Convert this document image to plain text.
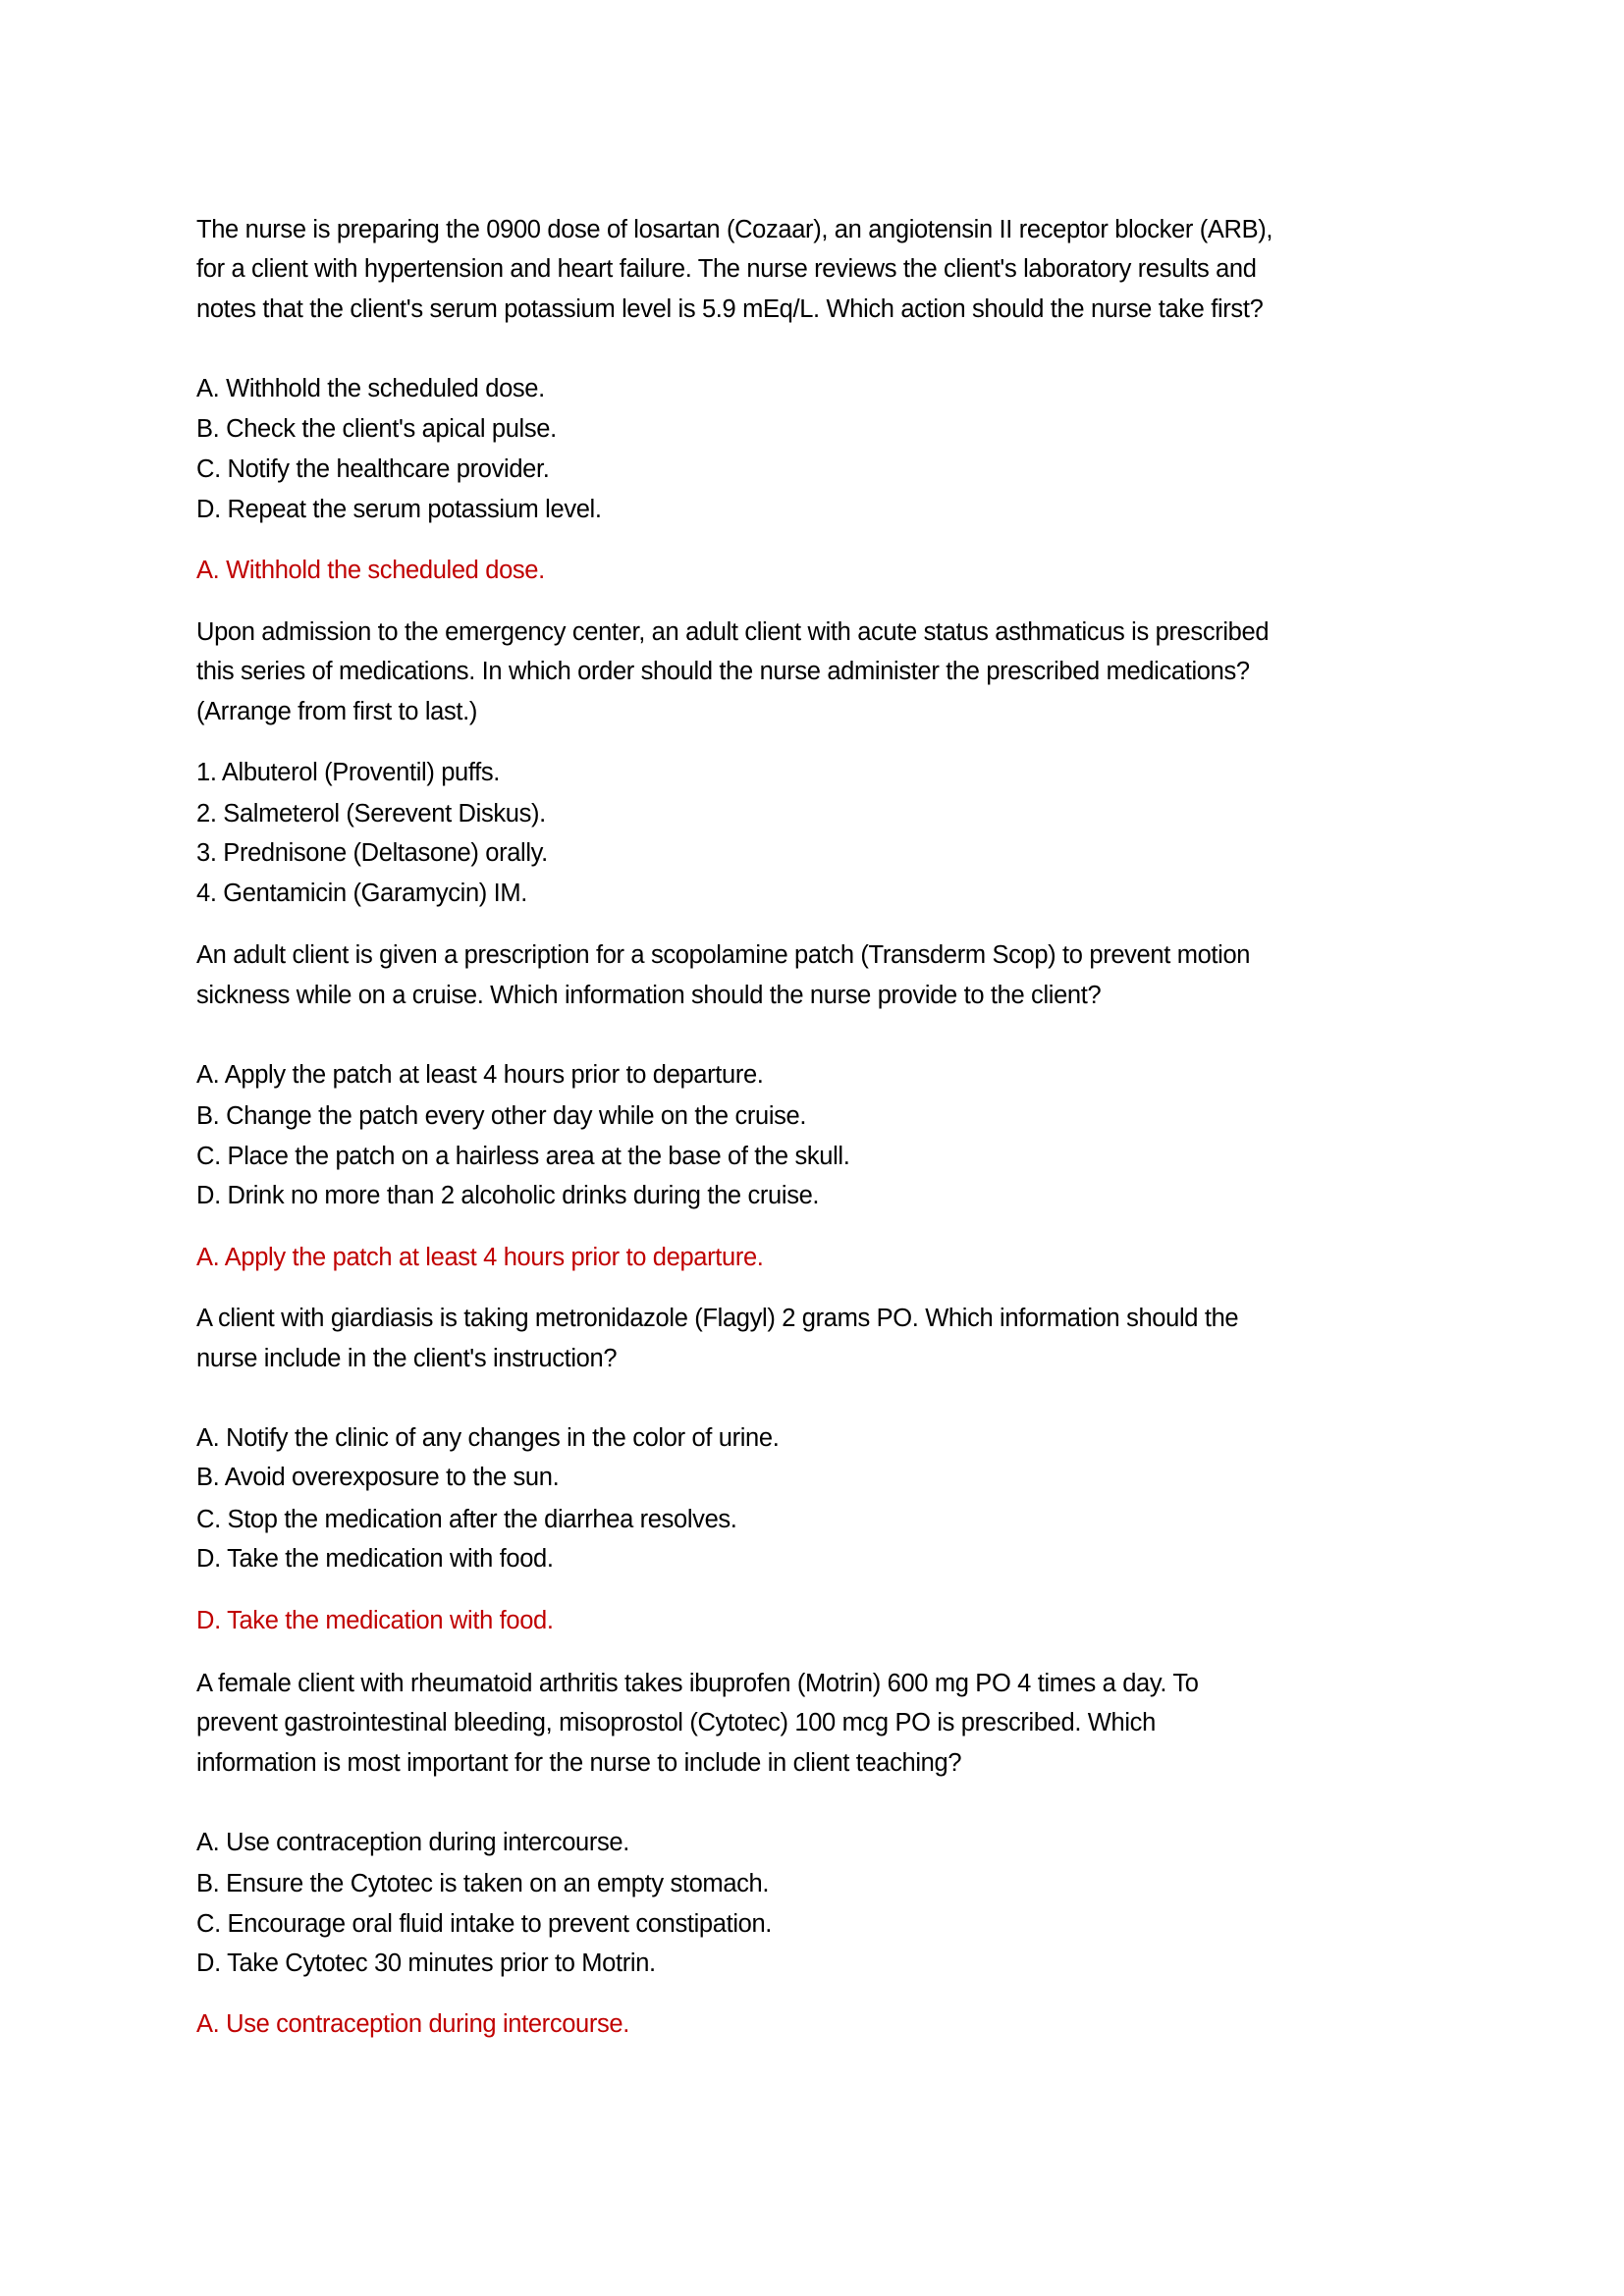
The nurse is preparing the 0900 dose of losartan (Cozaar), an angiotensin II receptor blocker (ARB),
for a client with hypertension and heart failure. The nurse reviews the client's laboratory results and
notes that the client's serum potassium level is 5.9 mEq/L. Which action should the nurse take first?
A. Withhold the scheduled dose.
B. Check the client's apical pulse.
C. Notify the healthcare provider.
D. Repeat the serum potassium level.
A. Withhold the scheduled dose.
Upon admission to the emergency center, an adult client with acute status asthmaticus is prescribed
this series of medications. In which order should the nurse administer the prescribed medications?
(Arrange from first to last.)
1. Albuterol (Proventil) puffs.
2. Salmeterol (Serevent Diskus).
3. Prednisone (Deltasone) orally.
4. Gentamicin (Garamycin) IM.
An adult client is given a prescription for a scopolamine patch (Transderm Scop) to prevent motion
sickness while on a cruise. Which information should the nurse provide to the client?
A. Apply the patch at least 4 hours prior to departure.
B. Change the patch every other day while on the cruise.
C. Place the patch on a hairless area at the base of the skull.
D. Drink no more than 2 alcoholic drinks during the cruise.
A. Apply the patch at least 4 hours prior to departure.
A client with giardiasis is taking metronidazole (Flagyl) 2 grams PO. Which information should the
nurse include in the client's instruction?
A. Notify the clinic of any changes in the color of urine.
B. Avoid overexposure to the sun.
C. Stop the medication after the diarrhea resolves.
D. Take the medication with food.
D. Take the medication with food.
A female client with rheumatoid arthritis takes ibuprofen (Motrin) 600 mg PO 4 times a day. To
prevent gastrointestinal bleeding, misoprostol (Cytotec) 100 mcg PO is prescribed. Which
information is most important for the nurse to include in client teaching?
A. Use contraception during intercourse.
B. Ensure the Cytotec is taken on an empty stomach.
C. Encourage oral fluid intake to prevent constipation.
D. Take Cytotec 30 minutes prior to Motrin.
A. Use contraception during intercourse.
